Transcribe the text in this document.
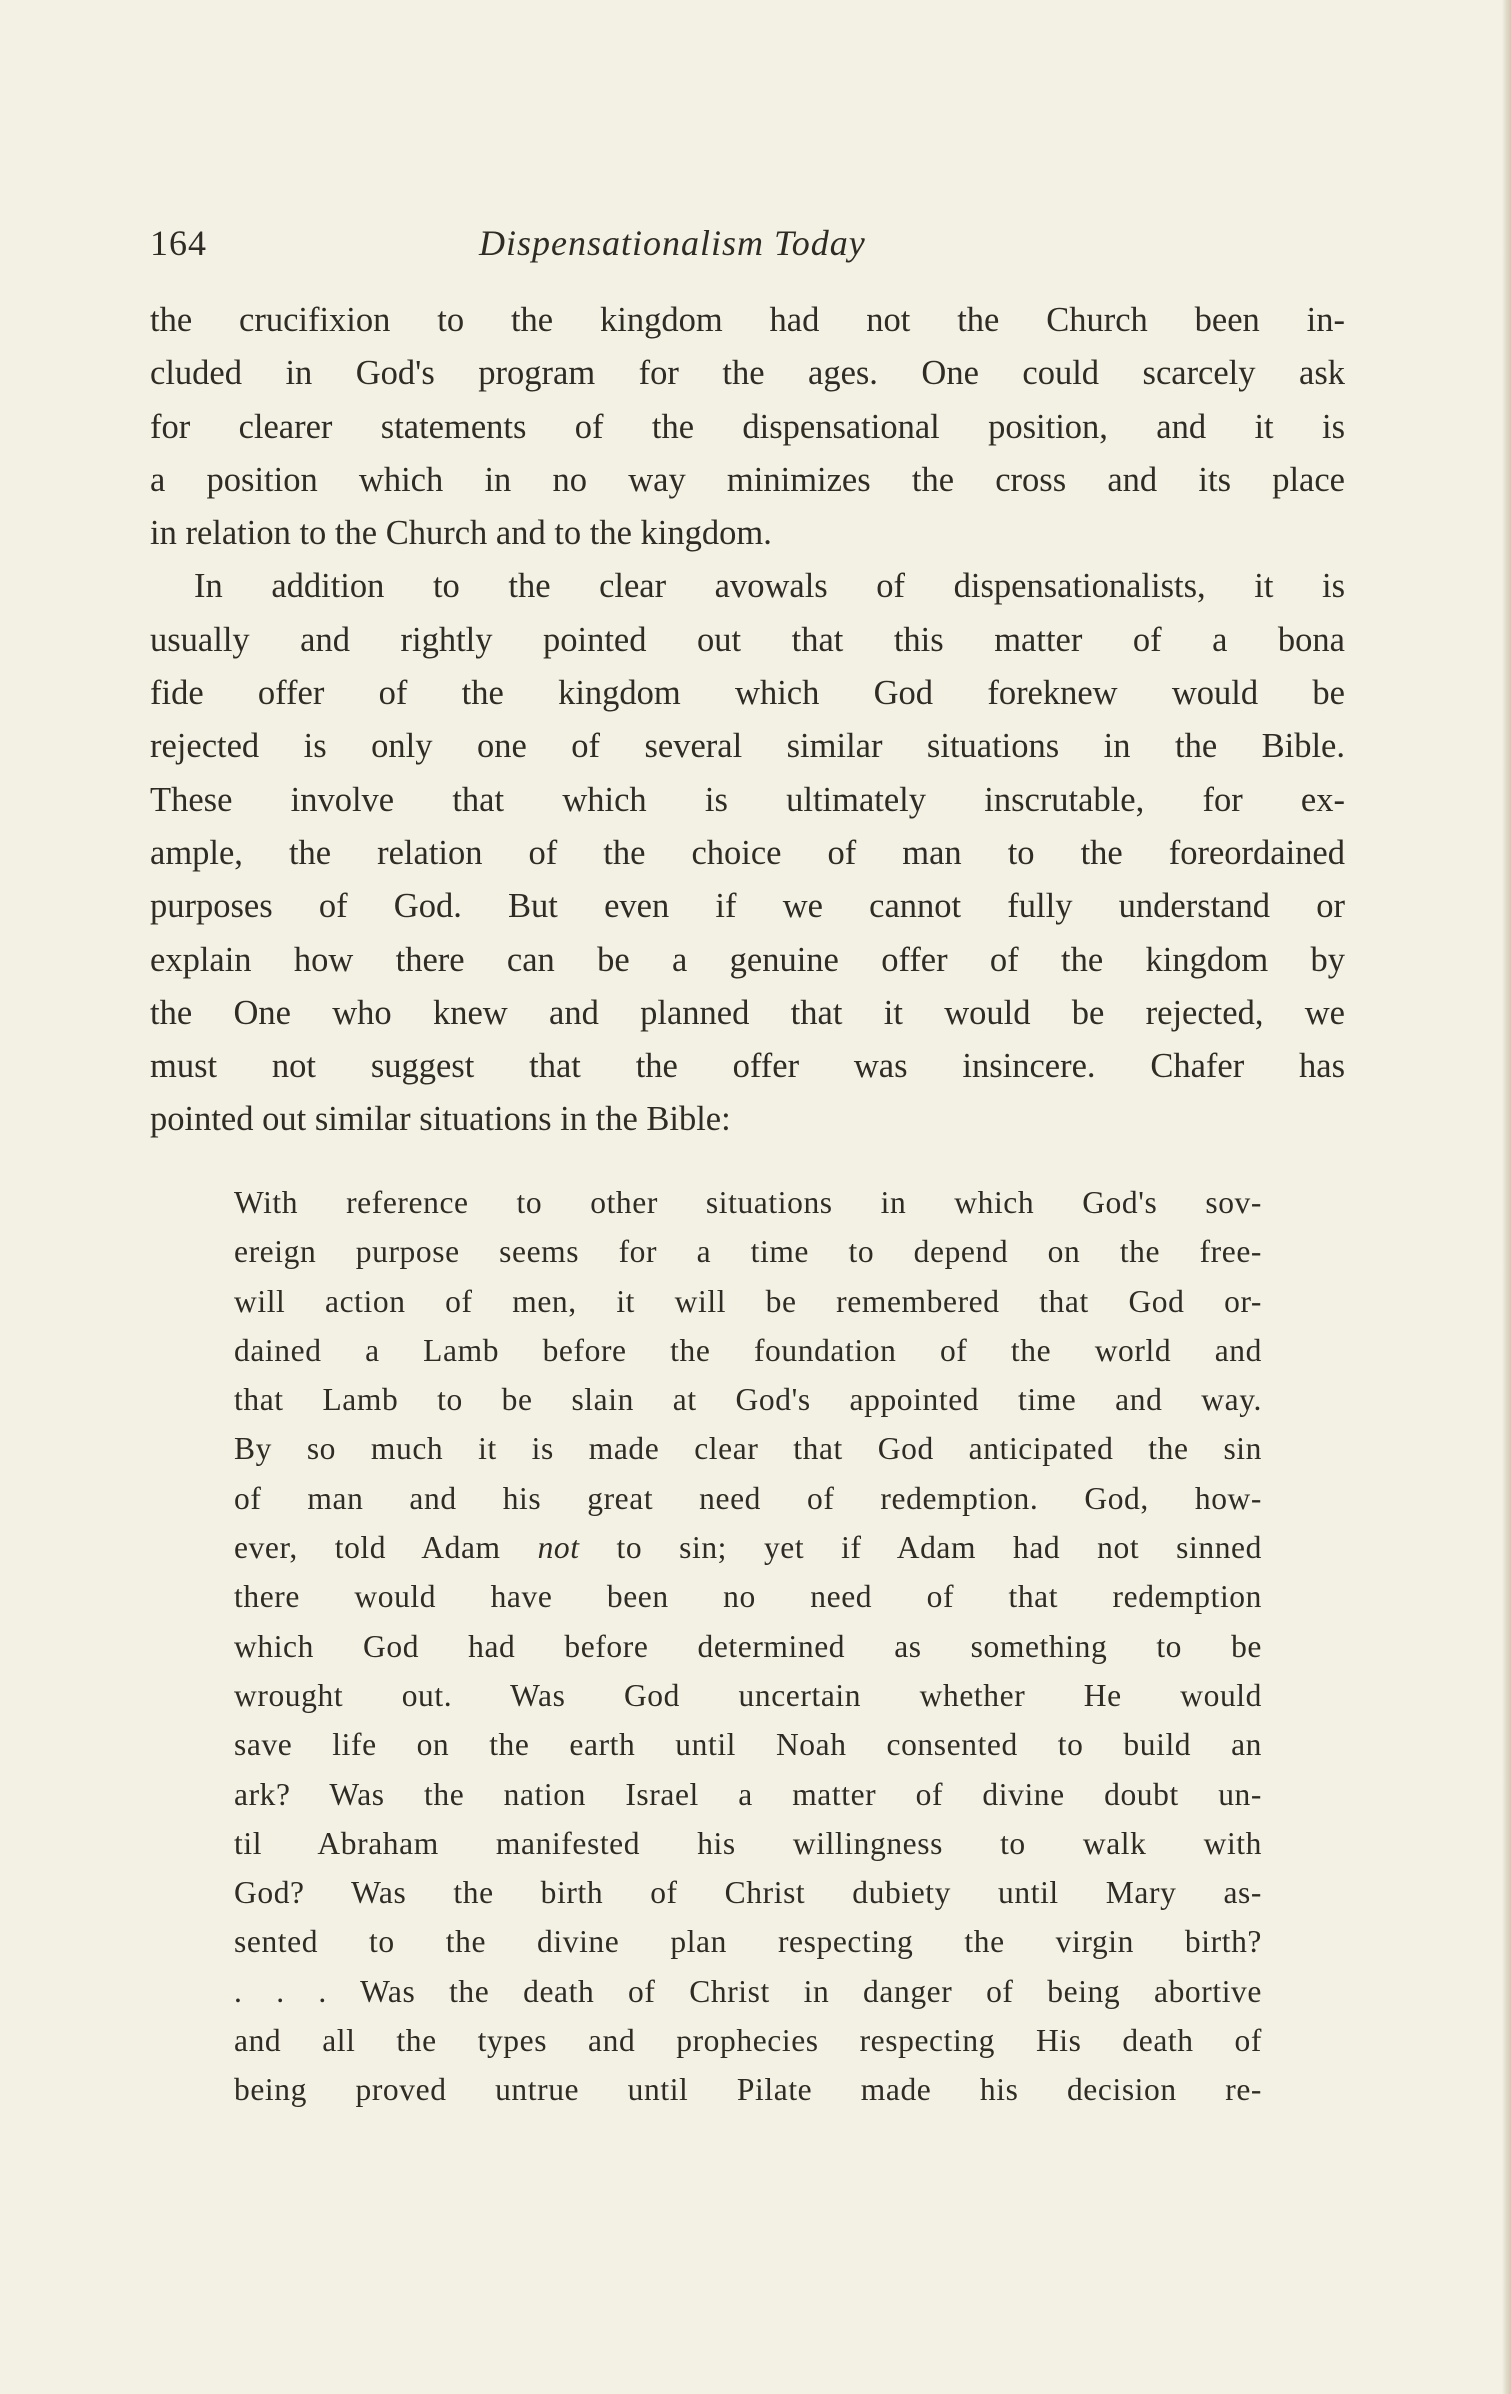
164	Dispensationalism Today
the crucifixion to the kingdom had not the Church been in-
cluded in God's program for the ages. One could scarcely ask
for clearer statements of the dispensational position, and it is
a position which in no way minimizes the cross and its place
in relation to the Church and to the kingdom.
In addition to the clear avowals of dispensationalists, it is
usually and rightly pointed out that this matter of a bona
fide offer of the kingdom which God foreknew would be
rejected is only one of several similar situations in the Bible.
These involve that which is ultimately inscrutable, for ex-
ample, the relation of the choice of man to the foreordained
purposes of God. But even if we cannot fully understand or
explain how there can be a genuine offer of the kingdom by
the One who knew and planned that it would be rejected, we
must not suggest that the offer was insincere. Chafer has
pointed out similar situations in the Bible:
With reference to other situations in which God's sov-
ereign purpose seems for a time to depend on the free-
will action of men, it will be remembered that God or-
dained a Lamb before the foundation of the world and
that Lamb to be slain at God's appointed time and way.
By so much it is made clear that God anticipated the sin
of man and his great need of redemption. God, how-
ever, told Adam not to sin; yet if Adam had not sinned
there would have been no need of that redemption
which God had before determined as something to be
wrought out. Was God uncertain whether He would
save life on the earth until Noah consented to build an
ark? Was the nation Israel a matter of divine doubt un-
til Abraham manifested his willingness to walk with
God? Was the birth of Christ dubiety until Mary as-
sented to the divine plan respecting the virgin birth?
. . . Was the death of Christ in danger of being abortive
and all the types and prophecies respecting His death of
being proved untrue until Pilate made his decision re-
